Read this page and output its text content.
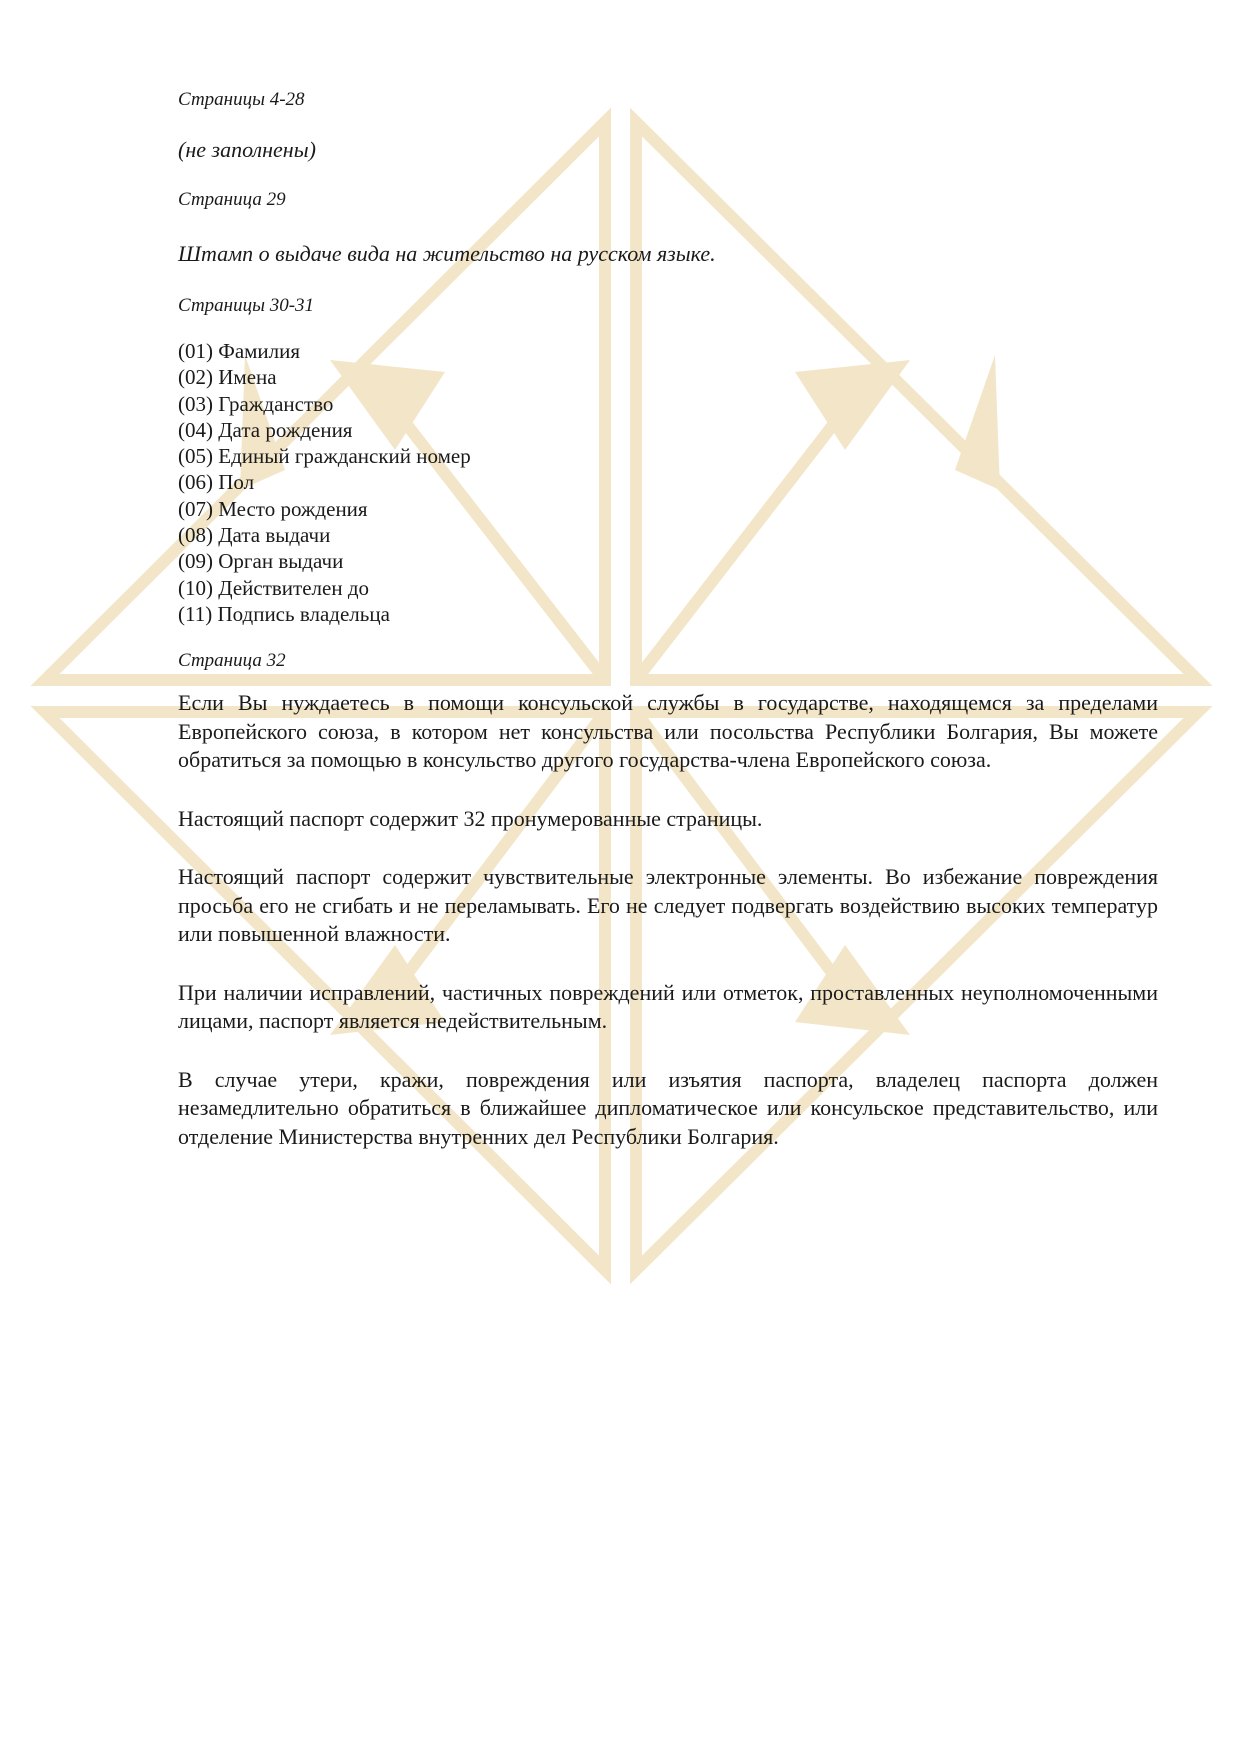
Страницы 4-28

(не заполнены)

Страница 29

Штамп о выдаче вида на жительство на русском языке.

Страницы 30-31

(01) Фамилия
(02) Имена
(03) Гражданство
(04) Дата рождения
(05) Единый гражданский номер
(06) Пол
(07) Место рождения
(08) Дата выдачи
(09) Орган выдачи
(10) Действителен до
(11) Подпись владельца

Страница 32

Если Вы нуждаетесь в помощи консульской службы в государстве, находящемся за пределами Европейского союза, в котором нет консульства или посольства Республики Болгария, Вы можете обратиться за помощью в консульство другого государства-члена Европейского союза.

Настоящий паспорт содержит 32 пронумерованные страницы.

Настоящий паспорт содержит чувствительные электронные элементы. Во избежание повреждения просьба его не сгибать и не переламывать. Его не следует подвергать воздействию высоких температур или повышенной влажности.

При наличии исправлений, частичных повреждений или отметок, проставленных неуполномоченными лицами, паспорт является недействительным.

В случае утери, кражи, повреждения или изъятия паспорта, владелец паспорта должен незамедлительно обратиться в ближайшее дипломатическое или консульское представительство, или отделение Министерства внутренних дел Республики Болгария.
